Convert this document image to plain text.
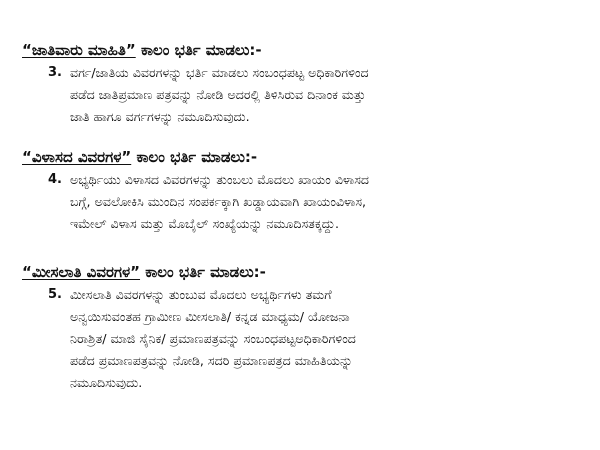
“ಜಾತಿವಾರು ಮಾಹಿತಿ” ಕಾಲಂ ಭರ್ತಿ ಮಾಡಲು:-
3. ವರ್ಗ/ಜಾತಿಯ ವಿವರಗಳನ್ನು ಭರ್ತಿ ಮಾಡಲು ಸಂಬಂಧಪಟ್ಟ ಅಧಿಕಾರಿಗಳಿಂದ
ಪಡೆದ ಜಾತಿಪ್ರಮಾಣ ಪತ್ರವನ್ನು ನೋಡಿ ಅದರಲ್ಲಿ ತಿಳಿಸಿರುವ ದಿನಾಂಕ ಮತ್ತು
ಜಾತಿ ಹಾಗೂ ವರ್ಗಗಳನ್ನು ನಮೂದಿಸುವುದು.
“ವಿಳಾಸದ ವಿವರಗಳ” ಕಾಲಂ ಭರ್ತಿ ಮಾಡಲು:-
4. ಅಭ್ಯರ್ಥಿಯು ವಿಳಾಸದ ವಿವರಗಳನ್ನು ತುಂಬಲು ಮೊದಲು ಖಾಯಂ ವಿಳಾಸದ
ಬಗ್ಗೆ, ಅವಲೋಕಿಸಿ ಮುಂದಿನ ಸಂಪರ್ಕಕ್ಕಾಗಿ ಖಡ್ಡಾಯವಾಗಿ ಖಾಯಂವಿಳಾಸ,
ಇಮೇಲ್ ವಿಳಾಸ ಮತ್ತು ಮೊಬೈಲ್ ಸಂಖ್ಯೆಯನ್ನು ನಮೂದಿಸತಕ್ಕದ್ದು.
“ಮೀಸಲಾತಿ ವಿವರಗಳ” ಕಾಲಂ ಭರ್ತಿ ಮಾಡಲು:-
5. ಮೀಸಲಾತಿ ವಿವರಗಳನ್ನು ತುಂಬುವ ಮೊದಲು ಅಭ್ಯರ್ಥಿಗಳು ತಮಗೆ
ಅನ್ವಯಿಸುವಂತಹ ಗ್ರಾಮೀಣ ಮೀಸಲಾತಿ/ ಕನ್ನಡ ಮಾಧ್ಯಮ/ ಯೋಜನಾ
ನಿರಾಶ್ರಿತ/ ಮಾಜಿ ಸೈನಿಕ/ ಪ್ರಮಾಣಪತ್ರವನ್ನು ಸಂಬಂಧಪಟ್ಟಅಧಿಕಾರಿಗಳಿಂದ
ಪಡೆದ ಪ್ರಮಾಣಪತ್ರವನ್ನು ನೋಡಿ, ಸದರಿ ಪ್ರಮಾಣಪತ್ರದ ಮಾಹಿತಿಯನ್ನು
ನಮೂದಿಸುವುದು.
